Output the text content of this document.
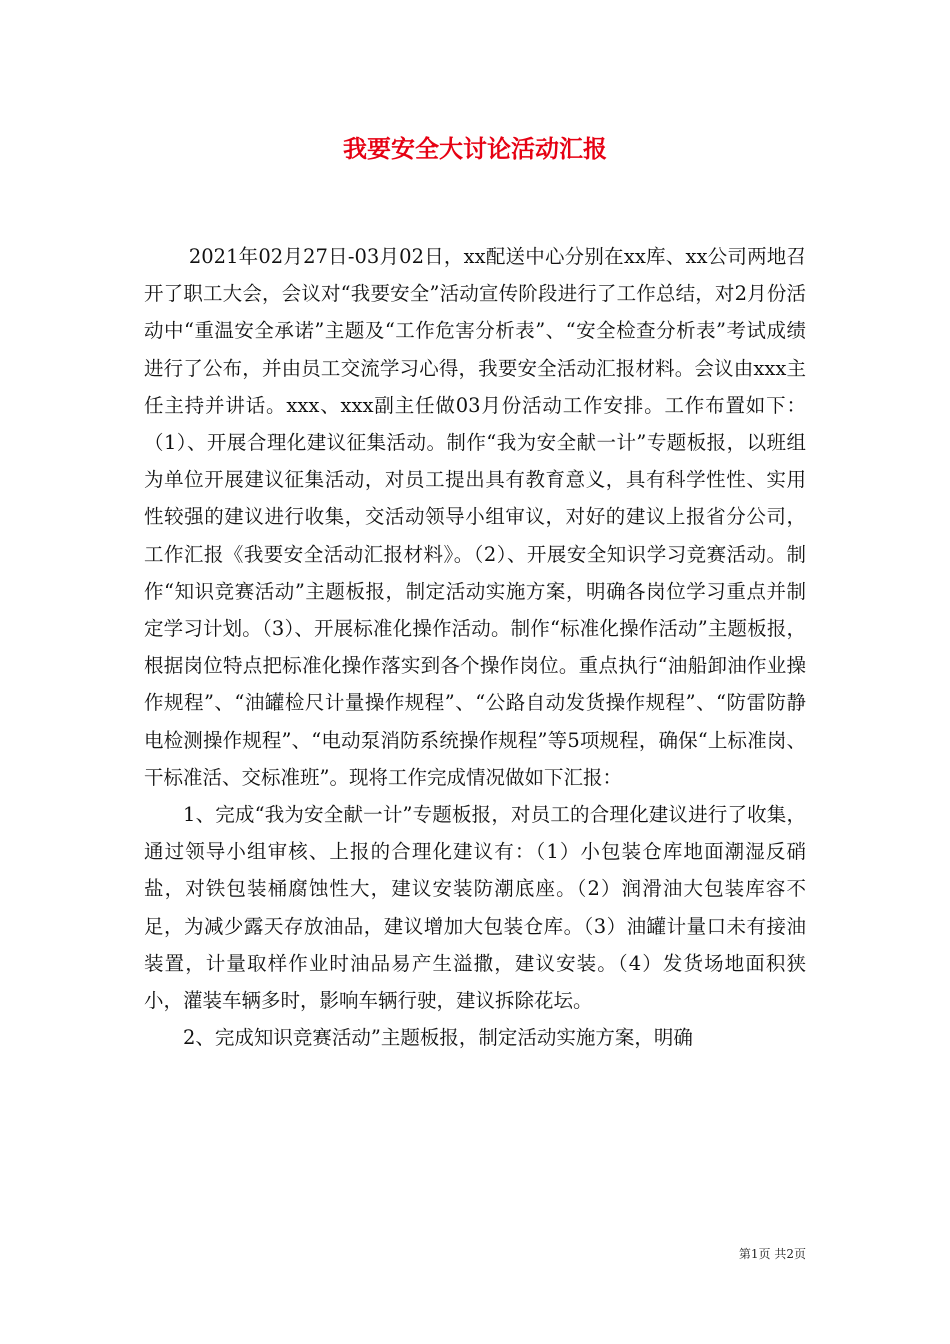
我要安全大讨论活动汇报

2021年02月27日-03月02日，xx配送中心分别在xx库、xx公司两地召开了职工大会，会议对“我要安全”活动宣传阶段进行了工作总结，对2月份活动中“重温安全承诺”主题及“工作危害分析表”、“安全检查分析表”考试成绩进行了公布，并由员工交流学习心得，我要安全活动汇报材料。会议由xxx主任主持并讲话。xxx、xxx副主任做03月份活动工作安排。工作布置如下：（1）、开展合理化建议征集活动。制作“我为安全献一计”专题板报，以班组为单位开展建议征集活动，对员工提出具有教育意义，具有科学性性、实用性较强的建议进行收集，交活动领导小组审议，对好的建议上报省分公司，工作汇报《我要安全活动汇报材料》。（2）、开展安全知识学习竞赛活动。制作“知识竞赛活动”主题板报，制定活动实施方案，明确各岗位学习重点并制定学习计划。（3）、开展标准化操作活动。制作“标准化操作活动”主题板报，根据岗位特点把标准化操作落实到各个操作岗位。重点执行“油船卸油作业操作规程”、“油罐检尺计量操作规程”、“公路自动发货操作规程”、“防雷防静电检测操作规程”、“电动泵消防系统操作规程”等5项规程，确保“上标准岗、干标准活、交标准班”。现将工作完成情况做如下汇报：

1、完成“我为安全献一计”专题板报，对员工的合理化建议进行了收集，通过领导小组审核、上报的合理化建议有：（1）小包装仓库地面潮湿反硝盐，对铁包装桶腐蚀性大，建议安装防潮底座。（2）润滑油大包装库容不足，为减少露天存放油品，建议增加大包装仓库。（3）油罐计量口未有接油装置，计量取样作业时油品易产生溢撒，建议安装。（4）发货场地面积狭小，灌装车辆多时，影响车辆行驶，建议拆除花坛。

2、完成知识竞赛活动”主题板报，制定活动实施方案，明确

第1页 共2页
